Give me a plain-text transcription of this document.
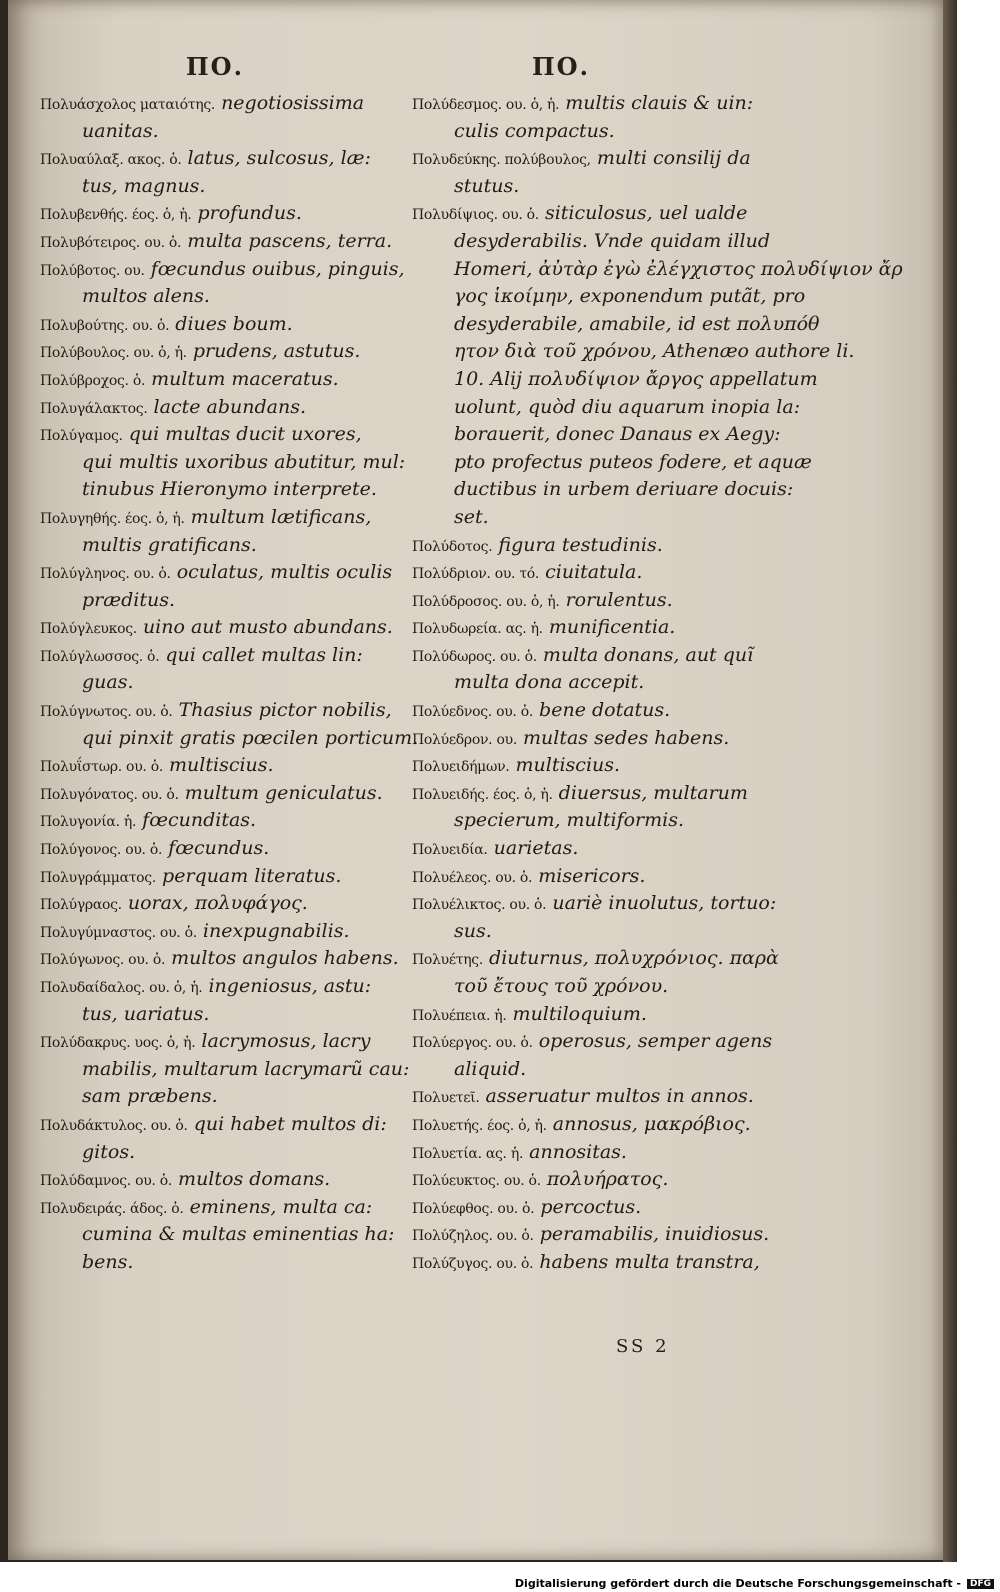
ΠΟ.	ΠΟ.
Πολυάσχολος ματαιότης. negotiosissima
uanitas.
Πολυαύλαξ. ακος. ὁ. latus, sulcosus, læ:
tus, magnus.
Πολυβενθής. έος. ὁ, ἡ. profundus.
Πολυβότειρος. ου. ὁ. multa pascens, terra.
Πολύβοτος. ου. fœcundus ouibus, pinguis,
multos alens.
Πολυβούτης. ου. ὁ. diues boum.
Πολύβουλος. ου. ὁ, ἡ. prudens, astutus.
Πολύβροχος. ὁ. multum maceratus.
Πολυγάλακτος. lacte abundans.
Πολύγαμος. qui multas ducit uxores,
qui multis uxoribus abutitur, mul:
tinubus Hieronymo interprete.
Πολυγηθής. έος. ὁ, ἡ. multum lætificans,
multis gratificans.
Πολύγληνος. ου. ὁ. oculatus, multis oculis
præditus.
Πολύγλευκος. uino aut musto abundans.
Πολύγλωσσος. ὁ. qui callet multas lin:
guas.
Πολύγνωτος. ου. ὁ. Thasius pictor nobilis,
qui pinxit gratis pœcilen porticum.
Πολυΐστωρ. ου. ὁ. multiscius.
Πολυγόνατος. ου. ὁ. multum geniculatus.
Πολυγονία. ἡ. fœcunditas.
Πολύγονος. ου. ὁ. fœcundus.
Πολυγράμματος. perquam literatus.
Πολύγραος. uorax, πολυφάγος.
Πολυγύμναστος. ου. ὁ. inexpugnabilis.
Πολύγωνος. ου. ὁ. multos angulos habens.
Πολυδαίδαλος. ου. ὁ, ἡ. ingeniosus, astu:
tus, uariatus.
Πολύδακρυς. υος. ὁ, ἡ. lacrymosus, lacry
mabilis, multarum lacrymarũ cau:
sam præbens.
Πολυδάκτυλος. ου. ὁ. qui habet multos di:
gitos.
Πολύδαμνος. ου. ὁ. multos domans.
Πολυδειράς. άδος. ὁ. eminens, multa ca:
cumina & multas eminentias ha:
bens.
Πολύδεσμος. ου. ὁ, ἡ. multis clauis & uin:
culis compactus.
Πολυδεύκης. πολύβουλος, multi consilij da
stutus.
Πολυδίψιος. ου. ὁ. siticulosus, uel ualde
desyderabilis. Vnde quidam illud
Homeri, ἀὐτὰρ ἐγὼ ἐλέγχιστος πολυδίψιον ἄρ
γος ἱκοίμην, exponendum putãt, pro
desyderabile, amabile, id est πολυπόθ
ητον διὰ τοῦ χρόνου, Athenæo authore li.
10. Alij πολυδίψιον ἄργος appellatum
uolunt, quòd diu aquarum inopia la:
borauerit, donec Danaus ex Aegy:
pto profectus puteos fodere, et aquæ
ductibus in urbem deriuare docuis:
set.
Πολύδοτος. figura testudinis.
Πολύδριον. ου. τό. ciuitatula.
Πολύδροσος. ου. ὁ, ἡ. rorulentus.
Πολυδωρεία. ας. ἡ. munificentia.
Πολύδωρος. ου. ὁ. multa donans, aut quĩ
multa dona accepit.
Πολύεδνος. ου. ὁ. bene dotatus.
Πολύεδρον. ου. multas sedes habens.
Πολυειδήμων. multiscius.
Πολυειδής. έος. ὁ, ἡ. diuersus, multarum
specierum, multiformis.
Πολυειδία. uarietas.
Πολυέλεος. ου. ὁ. misericors.
Πολυέλικτος. ου. ὁ. uariè inuolutus, tortuo:
sus.
Πολυέτης. diuturnus, πολυχρόνιος. παρὰ
τοῦ ἔτους τοῦ χρόνου.
Πολυέπεια. ἡ. multiloquium.
Πολύεργος. ου. ὁ. operosus, semper agens
aliquid.
Πολυετεῖ. asseruatur multos in annos.
Πολυετής. έος. ὁ, ἡ. annosus, μακρόβιος.
Πολυετία. ας. ἡ. annositas.
Πολύευκτος. ου. ὁ. πολυήρατος.
Πολύεφθος. ου. ὁ. percoctus.
Πολύζηλος. ου. ὁ. peramabilis, inuidiosus.
Πολύζυγος. ου. ὁ. habens multa transtra,
SS 2
Digitalisierung gefördert durch die Deutsche Forschungsgemeinschaft - DFG
